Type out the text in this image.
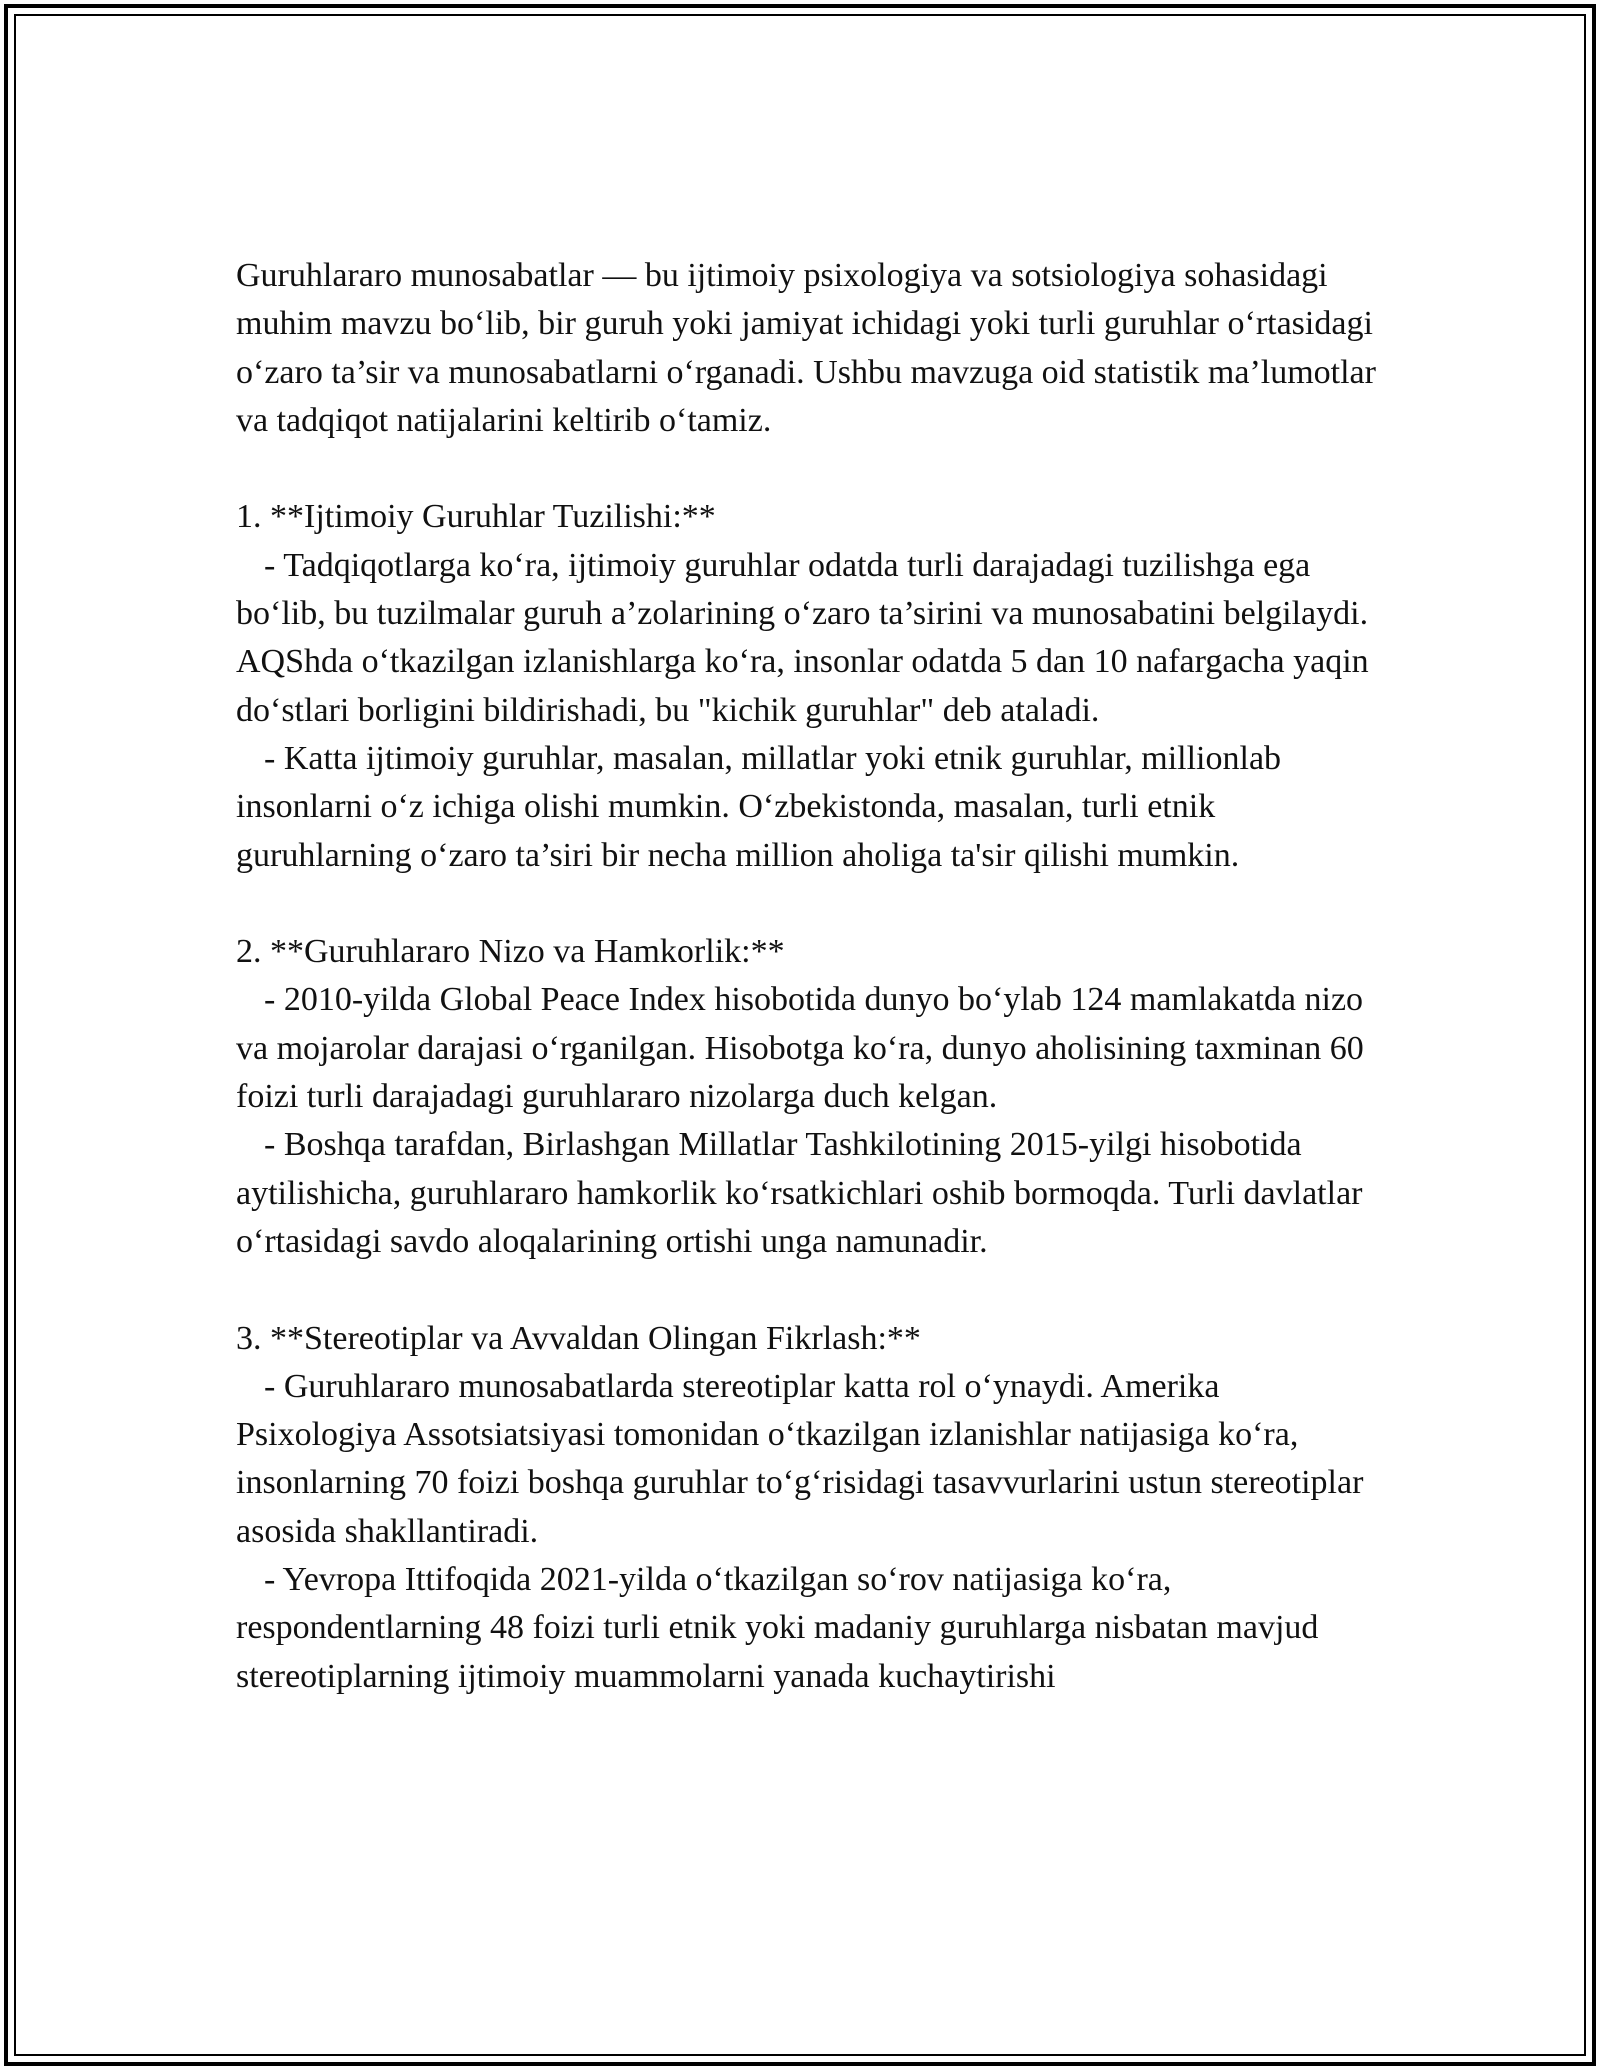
Guruhlararo munosabatlar — bu ijtimoiy psixologiya va sotsiologiya sohasidagi muhim mavzu bo‘lib, bir guruh yoki jamiyat ichidagi yoki turli guruhlar o‘rtasidagi o‘zaro ta’sir va munosabatlarni o‘rganadi. Ushbu mavzuga oid statistik ma’lumotlar va tadqiqot natijalarini keltirib o‘tamiz.

1. **Ijtimoiy Guruhlar Tuzilishi:**

- Tadqiqotlarga ko‘ra, ijtimoiy guruhlar odatda turli darajadagi tuzilishga ega bo‘lib, bu tuzilmalar guruh a’zolarining o‘zaro ta’sirini va munosabatini belgilaydi. AQShda o‘tkazilgan izlanishlarga ko‘ra, insonlar odatda 5 dan 10 nafargacha yaqin do‘stlari borligini bildirishadi, bu "kichik guruhlar" deb ataladi.

- Katta ijtimoiy guruhlar, masalan, millatlar yoki etnik guruhlar, millionlab insonlarni o‘z ichiga olishi mumkin. O‘zbekistonda, masalan, turli etnik guruhlarning o‘zaro ta’siri bir necha million aholiga ta'sir qilishi mumkin.

2. **Guruhlararo Nizo va Hamkorlik:**

- 2010-yilda Global Peace Index hisobotida dunyo bo‘ylab 124 mamlakatda nizo va mojarolar darajasi o‘rganilgan. Hisobotga ko‘ra, dunyo aholisining taxminan 60 foizi turli darajadagi guruhlararo nizolarga duch kelgan.

- Boshqa tarafdan, Birlashgan Millatlar Tashkilotining 2015-yilgi hisobotida aytilishicha, guruhlararo hamkorlik ko‘rsatkichlari oshib bormoqda. Turli davlatlar o‘rtasidagi savdo aloqalarining ortishi unga namunadir.

3. **Stereotiplar va Avvaldan Olingan Fikrlash:**

- Guruhlararo munosabatlarda stereotiplar katta rol o‘ynaydi. Amerika Psixologiya Assotsiatsiyasi tomonidan o‘tkazilgan izlanishlar natijasiga ko‘ra, insonlarning 70 foizi boshqa guruhlar to‘g‘risidagi tasavvurlarini ustun stereotiplar asosida shakllantiradi.

- Yevropa Ittifoqida 2021-yilda o‘tkazilgan so‘rov natijasiga ko‘ra, respondentlarning 48 foizi turli etnik yoki madaniy guruhlarga nisbatan mavjud stereotiplarning ijtimoiy muammolarni yanada kuchaytirishi
